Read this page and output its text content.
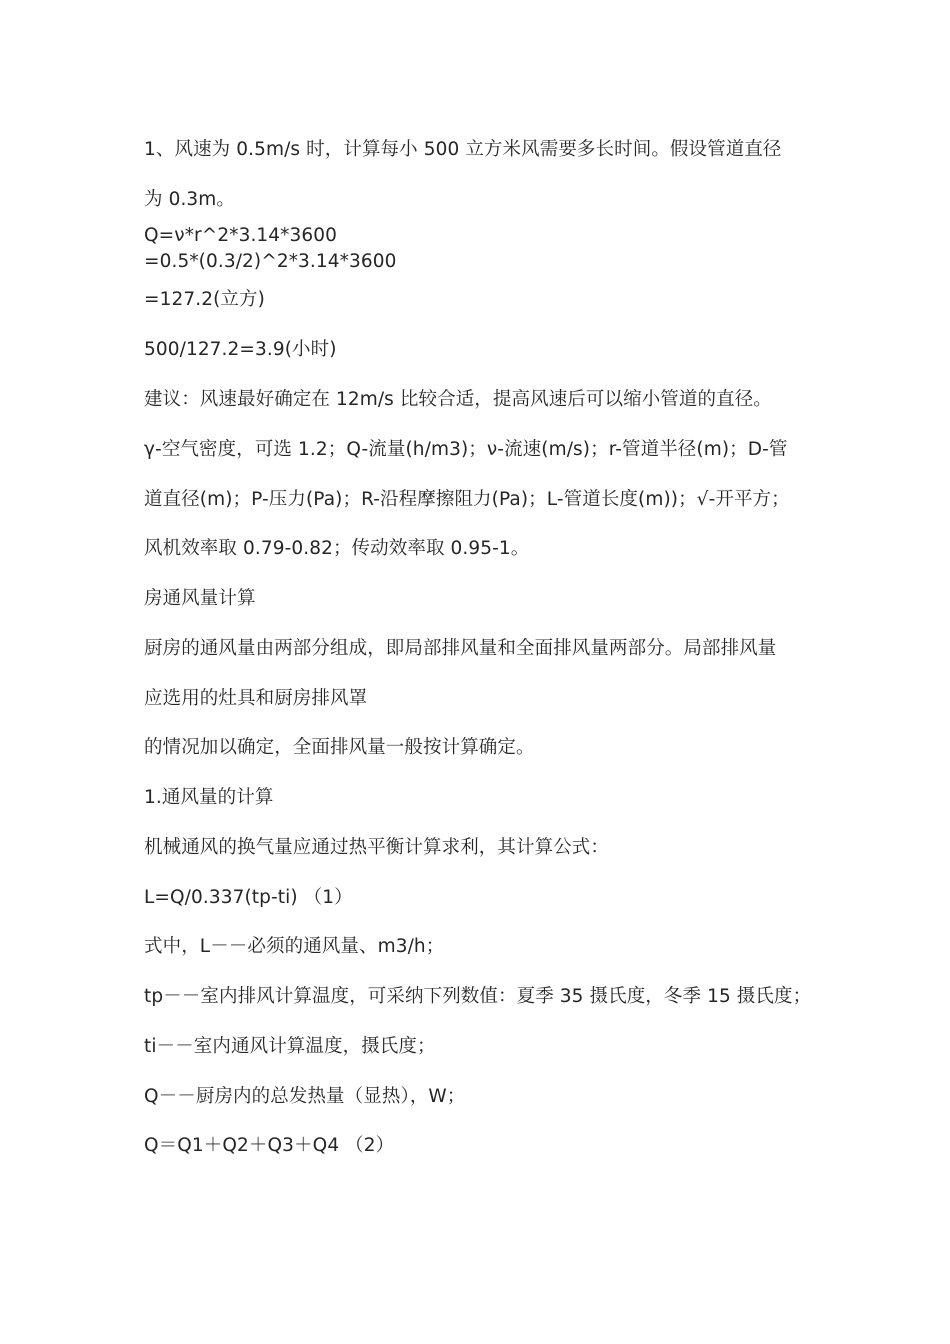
1、风速为 0.5m/s 时，计算每小 500 立方米风需要多长时间。假设管道直径
为 0.3m。
Q=ν*r^2*3.14*3600
=0.5*(0.3/2)^2*3.14*3600
=127.2(立方)
500/127.2=3.9(小时)
建议：风速最好确定在 12m/s 比较合适，提高风速后可以缩小管道的直径。
γ-空气密度，可选 1.2；Q-流量(h/m3)；ν-流速(m/s)；r-管道半径(m)；D-管
道直径(m)；P-压力(Pa)；R-沿程摩擦阻力(Pa)；L-管道长度(m))；√-开平方；
风机效率取 0.79-0.82；传动效率取 0.95-1。
房通风量计算
厨房的通风量由两部分组成，即局部排风量和全面排风量两部分。局部排风量
应选用的灶具和厨房排风罩
的情况加以确定，全面排风量一般按计算确定。
1.通风量的计算
机械通风的换气量应通过热平衡计算求利，其计算公式：
L=Q/0.337(tp-ti) （1）
式中，L－－必须的通风量、m3/h；
tp－－室内排风计算温度，可采纳下列数值：夏季 35 摄氏度，冬季 15 摄氏度；
ti－－室内通风计算温度，摄氏度；
Q－－厨房内的总发热量（显热），W；
Q＝Q1＋Q2＋Q3＋Q4 （2）
